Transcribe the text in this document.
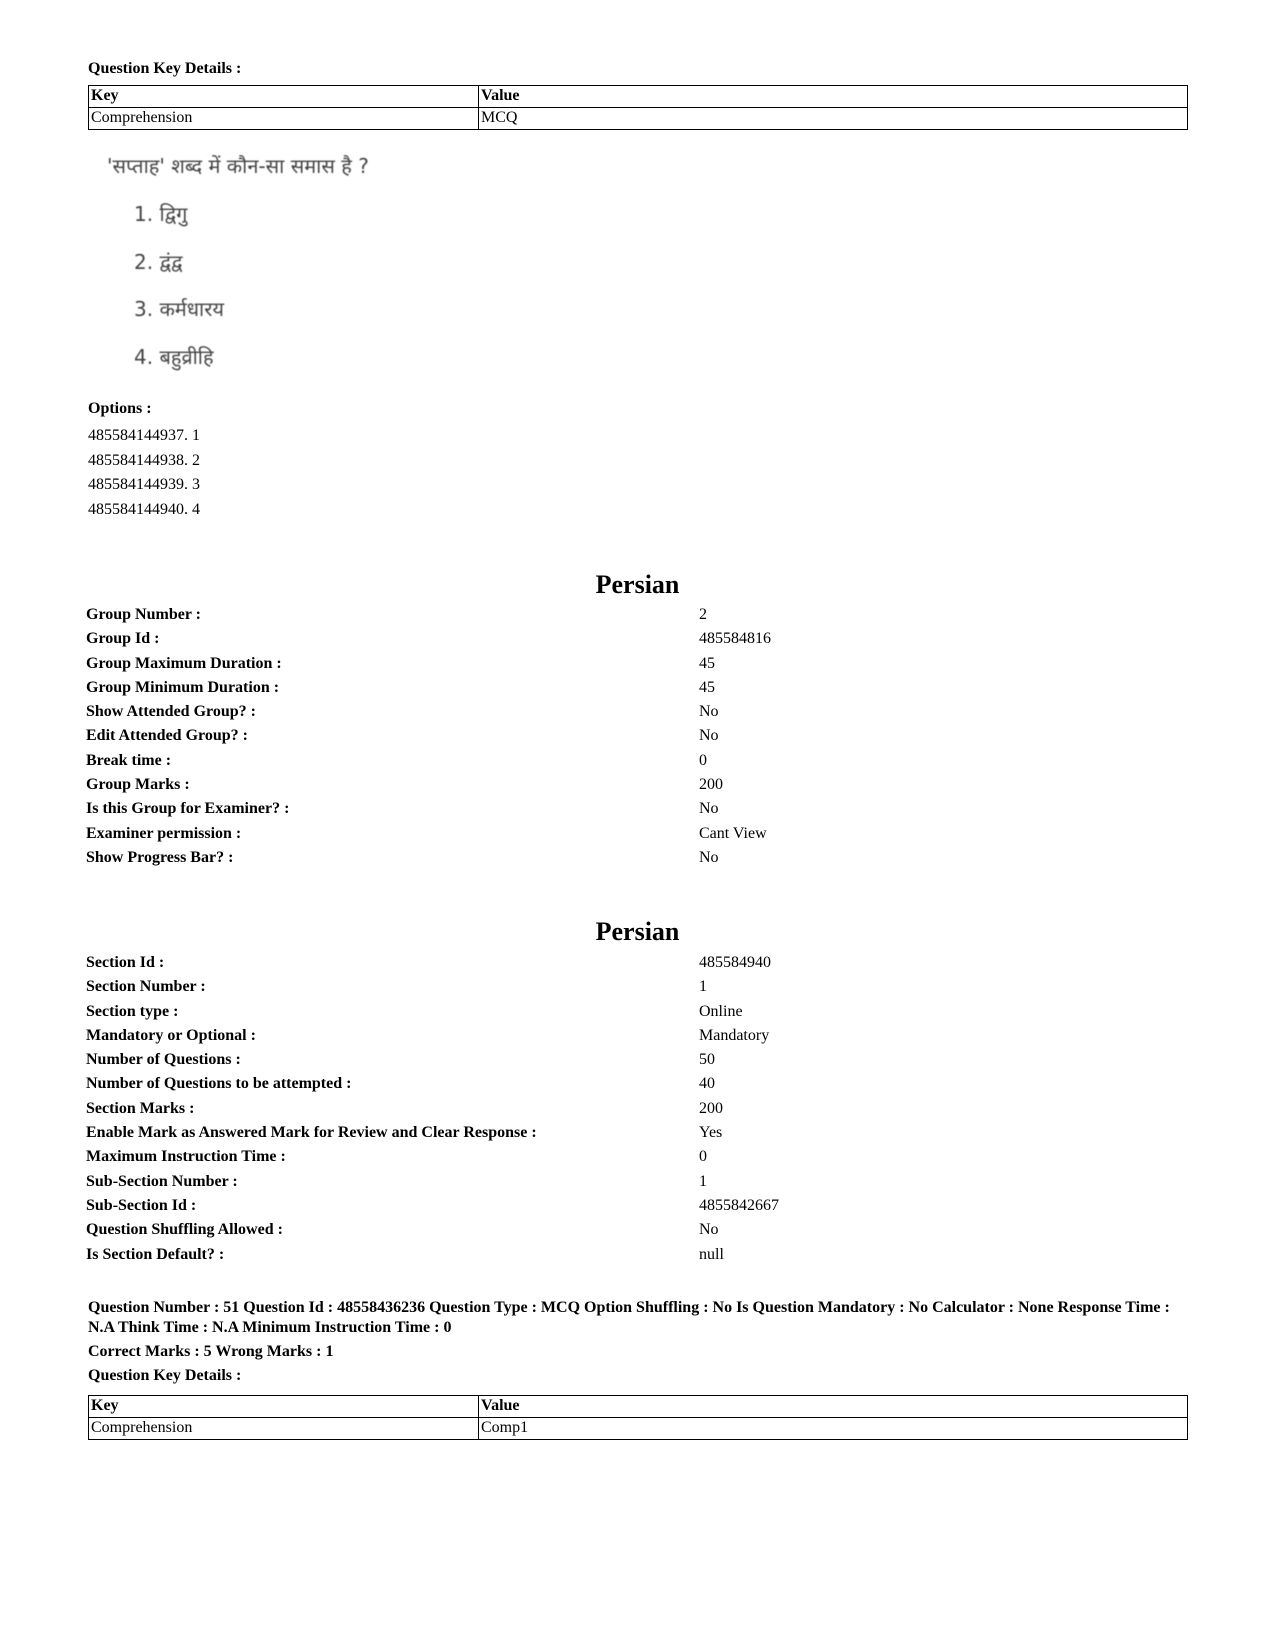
Question Key Details :
Key	Value
Comprehension	MCQ
'सप्ताह' शब्द में कौन-सा समास है ?
1. द्विगु
2. द्वंद्व
3. कर्मधारय
4. बहुव्रीहि
Options :
485584144937. 1
485584144938. 2
485584144939. 3
485584144940. 4
Persian
Group Number :	2
Group Id :	485584816
Group Maximum Duration :	45
Group Minimum Duration :	45
Show Attended Group? :	No
Edit Attended Group? :	No
Break time :	0
Group Marks :	200
Is this Group for Examiner? :	No
Examiner permission :	Cant View
Show Progress Bar? :	No
Persian
Section Id :	485584940
Section Number :	1
Section type :	Online
Mandatory or Optional :	Mandatory
Number of Questions :	50
Number of Questions to be attempted :	40
Section Marks :	200
Enable Mark as Answered Mark for Review and Clear Response :	Yes
Maximum Instruction Time :	0
Sub-Section Number :	1
Sub-Section Id :	4855842667
Question Shuffling Allowed :	No
Is Section Default? :	null
Question Number : 51 Question Id : 48558436236 Question Type : MCQ Option Shuffling : No Is Question Mandatory : No Calculator : None Response Time : N.A Think Time : N.A Minimum Instruction Time : 0
Correct Marks : 5 Wrong Marks : 1
Question Key Details :
Key	Value
Comprehension	Comp1
